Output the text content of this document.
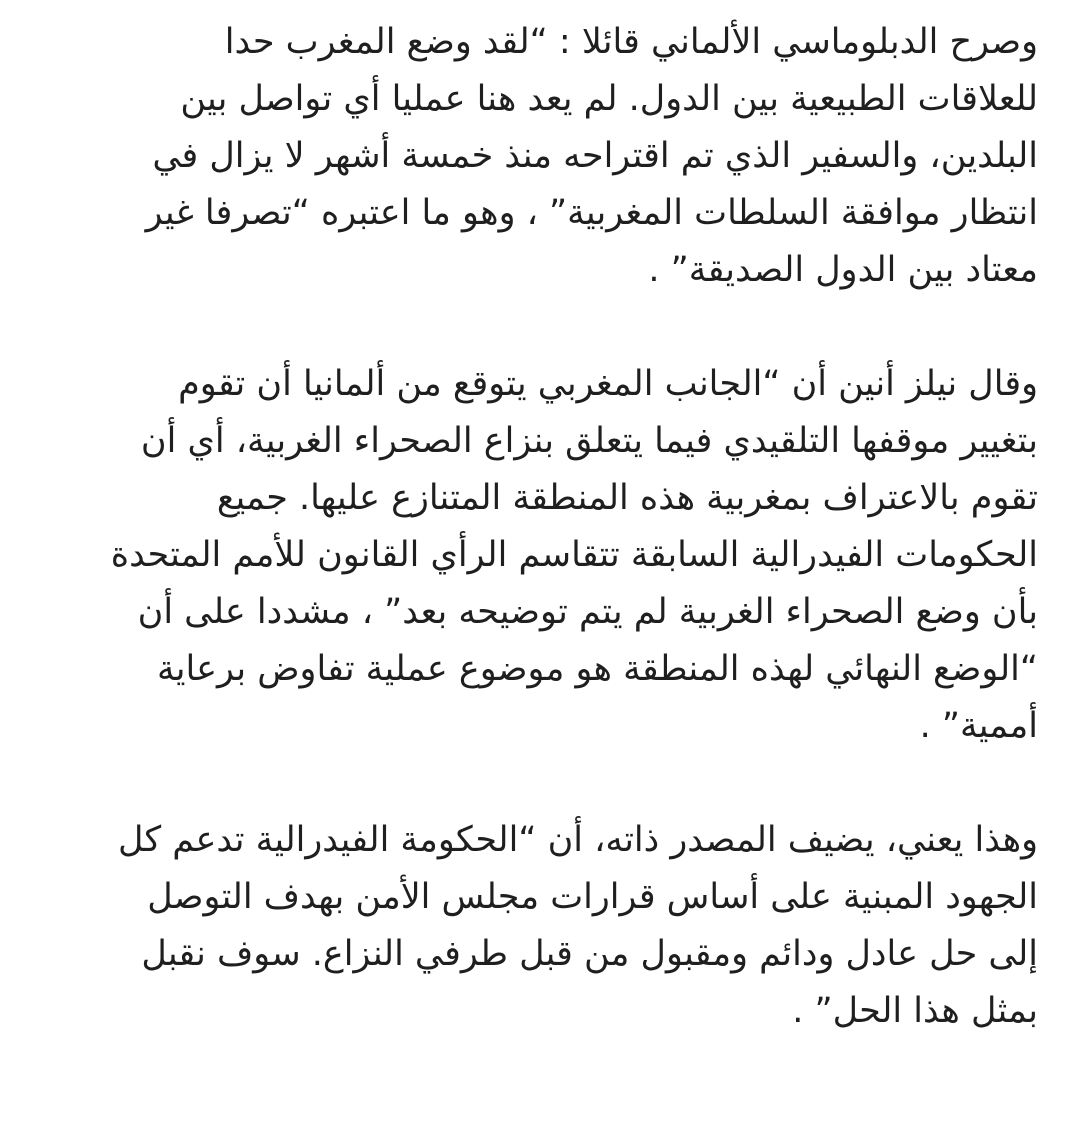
وصرح الدبلوماسي الألماني قائلا : “لقد وضع المغرب حدا
للعلاقات الطبيعية بين الدول. لم يعد هنا عمليا أي تواصل بين
البلدين، والسفير الذي تم اقتراحه منذ خمسة أشهر لا يزال في
انتظار موافقة السلطات المغربية” ، وهو ما اعتبره “تصرفا غير
معتاد بين الدول الصديقة” .

وقال نيلز أنين أن “الجانب المغربي يتوقع من ألمانيا أن تقوم
بتغيير موقفها التلقيدي فيما يتعلق بنزاع الصحراء الغربية، أي أن
تقوم بالاعتراف بمغربية هذه المنطقة المتنازع عليها. جميع
الحكومات الفيدرالية السابقة تتقاسم الرأي القانون للأمم المتحدة
بأن وضع الصحراء الغربية لم يتم توضيحه بعد” ، مشددا على أن
“الوضع النهائي لهذه المنطقة هو موضوع عملية تفاوض برعاية
أممية” .

وهذا يعني، يضيف المصدر ذاته، أن “الحكومة الفيدرالية تدعم كل
الجهود المبنية على أساس قرارات مجلس الأمن بهدف التوصل
إلى حل عادل ودائم ومقبول من قبل طرفي النزاع. سوف نقبل
بمثل هذا الحل” .
